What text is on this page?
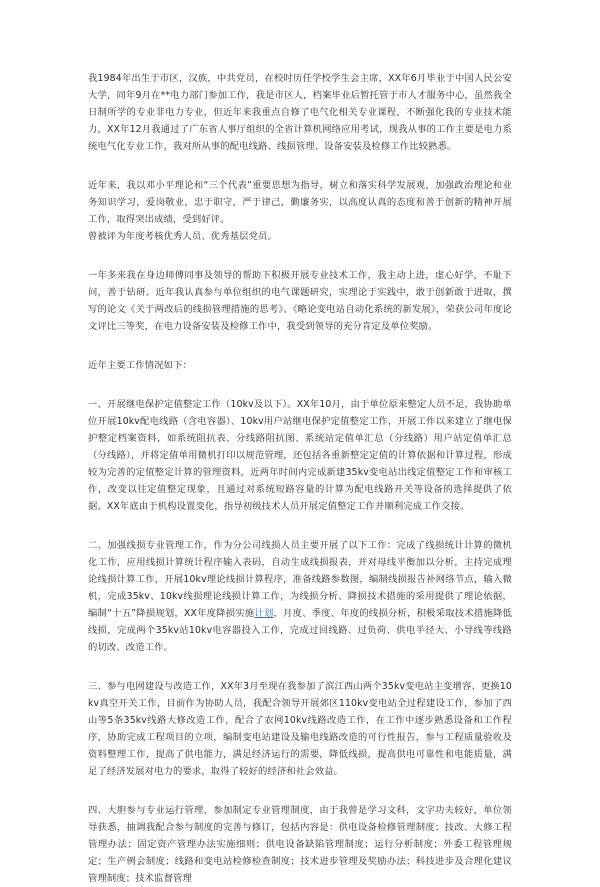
我1984年出生于市区，汉族，中共党员，在校时历任学校学生会主席，XX年6月毕业于中国人民公安大学，同年9月在**电力部门参加工作，我是市区人，档案毕业后暂托管于市人才服务中心，虽然我全日制所学的专业非电力专业，但近年来我重点自修了电气化相关专业课程，不断强化我的专业技术能力，XX年12月我通过了广东省人事厅组织的全省计算机网络应用考试，现我从事的工作主要是电力系统电气化专业工作，我对所从事的配电线路、线损管理、设备安装及检修工作比较熟悉。

近年来，我以邓小平理论和“三个代表”重要思想为指导，树立和落实科学发展观，加强政治理论和业务知识学习，爱岗敬业，忠于职守，严于律己，勤廉务实，以高度认真的态度和善于创新的精神开展工作，取得突出成绩，受到好评。

曾被评为年度考核优秀人员、优秀基层党员。

一年多来我在身边师傅同事及领导的帮助下积极开展专业技术工作，我主动上进，虚心好学，不耻下问，善于钻研。近年我认真参与单位组织的电气课题研究，实理论于实践中，敢于创新敢于进取，撰写的论文《关于两改后的线损管理措施的思考》、《略论变电站自动化系统的新发展》，荣获公司年度论文评比三等奖，在电力设备安装及检修工作中，我受到领导的充分肯定及单位奖励。

近年主要工作情况如下：

一、开展继电保护定值整定工作（10kv及以下）。XX年10月，由于单位原来整定人员不足，我协助单位开展10kv配电线路（含电容器）、10kv用户站继电保护定值整定工作，开展工作以来建立了继电保护整定档案资料，如系统阻抗表、分线路阻抗图、系统站定值单汇总（分线路）用户站定值单汇总（分线路），并将定值单用微机打印以规范管理，还包括各重新整定定值的计算依据和计算过程，形成较为完善的定值整定计算的管理资料，近两年时间内完成新建35kv变电站出线定值整定工作和审核工作，改变以往定值整定现象，且通过对系统短路容量的计算为配电线路开关等设备的选择提供了依据。XX年底由于机构设置变化，指导初级技术人员开展定值整定工作并顺利完成工作交接。

二、加强线损专业管理工作，作为分公司线损人员主要开展了以下工作：完成了线损统计计算的微机化工作，应用线损计算统计程序输入表码，自动生成线损报表，并对母线平衡加以分析，主持完成理论线损计算工作，开展10kv理论线损计算程序，准备线路参数图，编制线损报告补网络节点，输入微机，完成35kv、10kv线损理论线损计算工作，为线损分析、降损技术措施的采用提供了理论依据，编制“十五”降损规划，XX年度降损实施计划，月度、季度、年度的线损分析，积极采取技术措施降低线损，完成两个35kv站10kv电容器投入工作，完成过回线路、过负荷、供电半径大、小导线等线路的切改、改造工作。

三、参与电网建设与改造工作，XX年3月至现在我参加了滨江西山两个35kv变电站主变增容、更换10kv真空开关工作，目前作为协助人员，我配合领导开展郊区110kv变电站全过程建设工作，参加了西山等5条35kv线路大修改造工作，配合了农网10kv线路改造工作，在工作中逐步熟悉设备和工作程序，协助完成工程项目的立项，编制变电站建设及输电线路改造的可行性报告，参与工程质量验收及资料整理工作，提高了供电能力，满足经济运行的需要，降低线损，提高供电可靠性和电能质量，满足了经济发展对电力的要求，取得了较好的经济和社会效益。

四、大胆参与专业运行管理，参加制定专业管理制度，由于我曾是学习文科，文字功夫较好，单位领导获悉，抽调我配合参与制度的完善与修订，包括内容是：供电设备检修管理制度；技改、大修工程管理办法；固定资产管理办法实施细则；供电设备缺陷管理制度；运行分析制度；外委工程管理规定；生产例会制度；线路和变电站检修检查制度；技术进步管理及奖励办法；科技进步及合理化建议管理制度；技术监督管理
